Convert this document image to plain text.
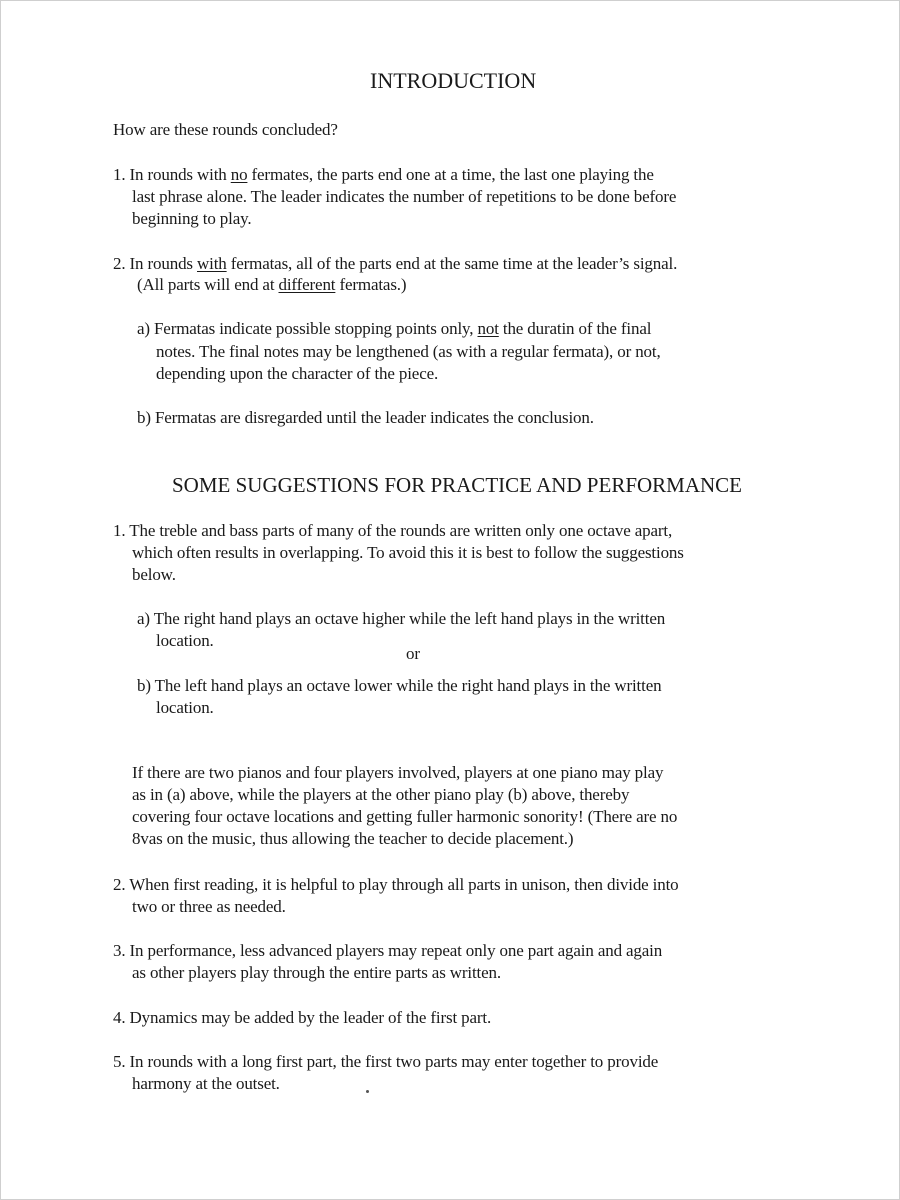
INTRODUCTION
How are these rounds concluded?
1. In rounds with no fermates, the parts end one at a time, the last one playing the
last phrase alone. The leader indicates the number of repetitions to be done before
beginning to play.
2. In rounds with fermatas, all of the parts end at the same time at the leader’s signal.
(All parts will end at different fermatas.)
a) Fermatas indicate possible stopping points only, not the duratin of the final
notes. The final notes may be lengthened (as with a regular fermata), or not,
depending upon the character of the piece.
b) Fermatas are disregarded until the leader indicates the conclusion.
SOME SUGGESTIONS FOR PRACTICE AND PERFORMANCE
1. The treble and bass parts of many of the rounds are written only one octave apart,
which often results in overlapping. To avoid this it is best to follow the suggestions
below.
a) The right hand plays an octave higher while the left hand plays in the written
location.
or
b) The left hand plays an octave lower while the right hand plays in the written
location.
If there are two pianos and four players involved, players at one piano may play
as in (a) above, while the players at the other piano play (b) above, thereby
covering four octave locations and getting fuller harmonic sonority! (There are no
8vas on the music, thus allowing the teacher to decide placement.)
2. When first reading, it is helpful to play through all parts in unison, then divide into
two or three as needed.
3. In performance, less advanced players may repeat only one part again and again
as other players play through the entire parts as written.
4. Dynamics may be added by the leader of the first part.
5. In rounds with a long first part, the first two parts may enter together to provide
harmony at the outset.
